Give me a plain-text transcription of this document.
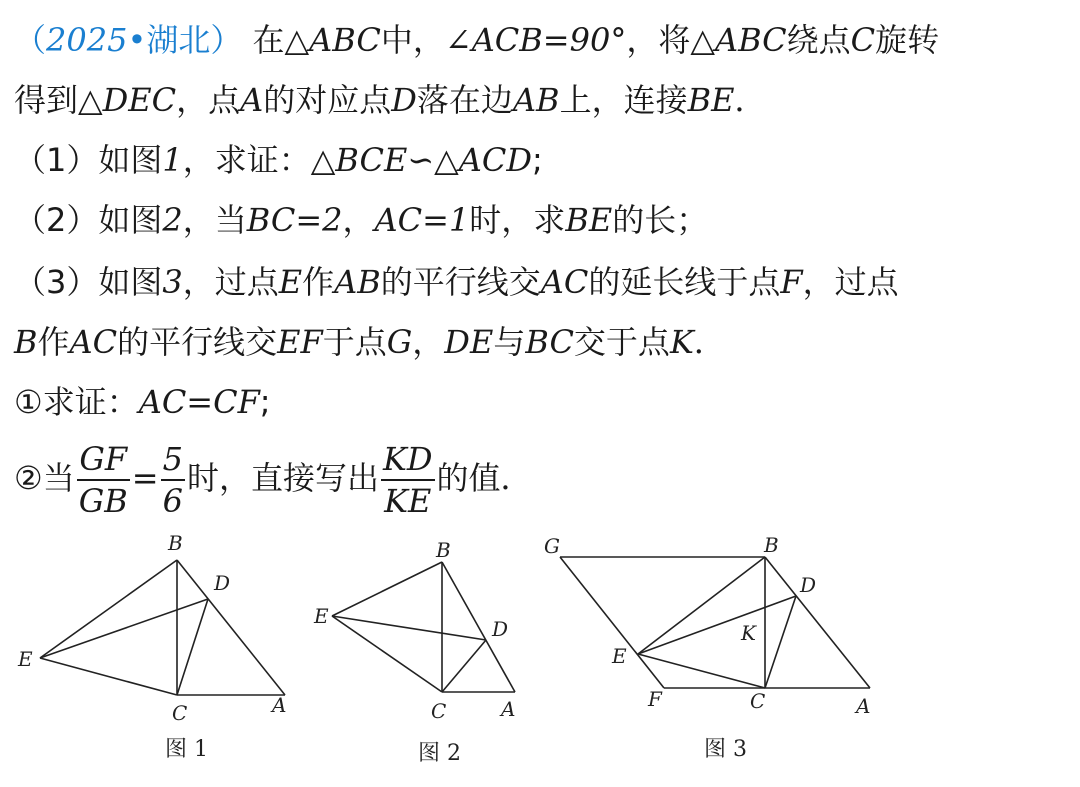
（2025•湖北） 在△ABC中，∠ACB=90°，将△ABC绕点C旋转
得到△DEC，点A的对应点D落在边AB上，连接BE．
（1）如图1，求证：△BCE∽△ACD;
（2）如图2，当BC=2，AC=1时，求BE的长；
（3）如图3，过点E作AB的平行线交AC的延长线于点F，过点
B作AC的平行线交EF于点G，DE与BC交于点K．
①求证：AC=CF;
②当 $\frac{GF}{GB} = \frac{5}{6}$ 时，直接写出 $\frac{KD}{KE}$ 的值．
B
D
E
C	A
图 1
B
E
D
C	A
图 2
G	B
D
K
E
F	C	A
图 3
